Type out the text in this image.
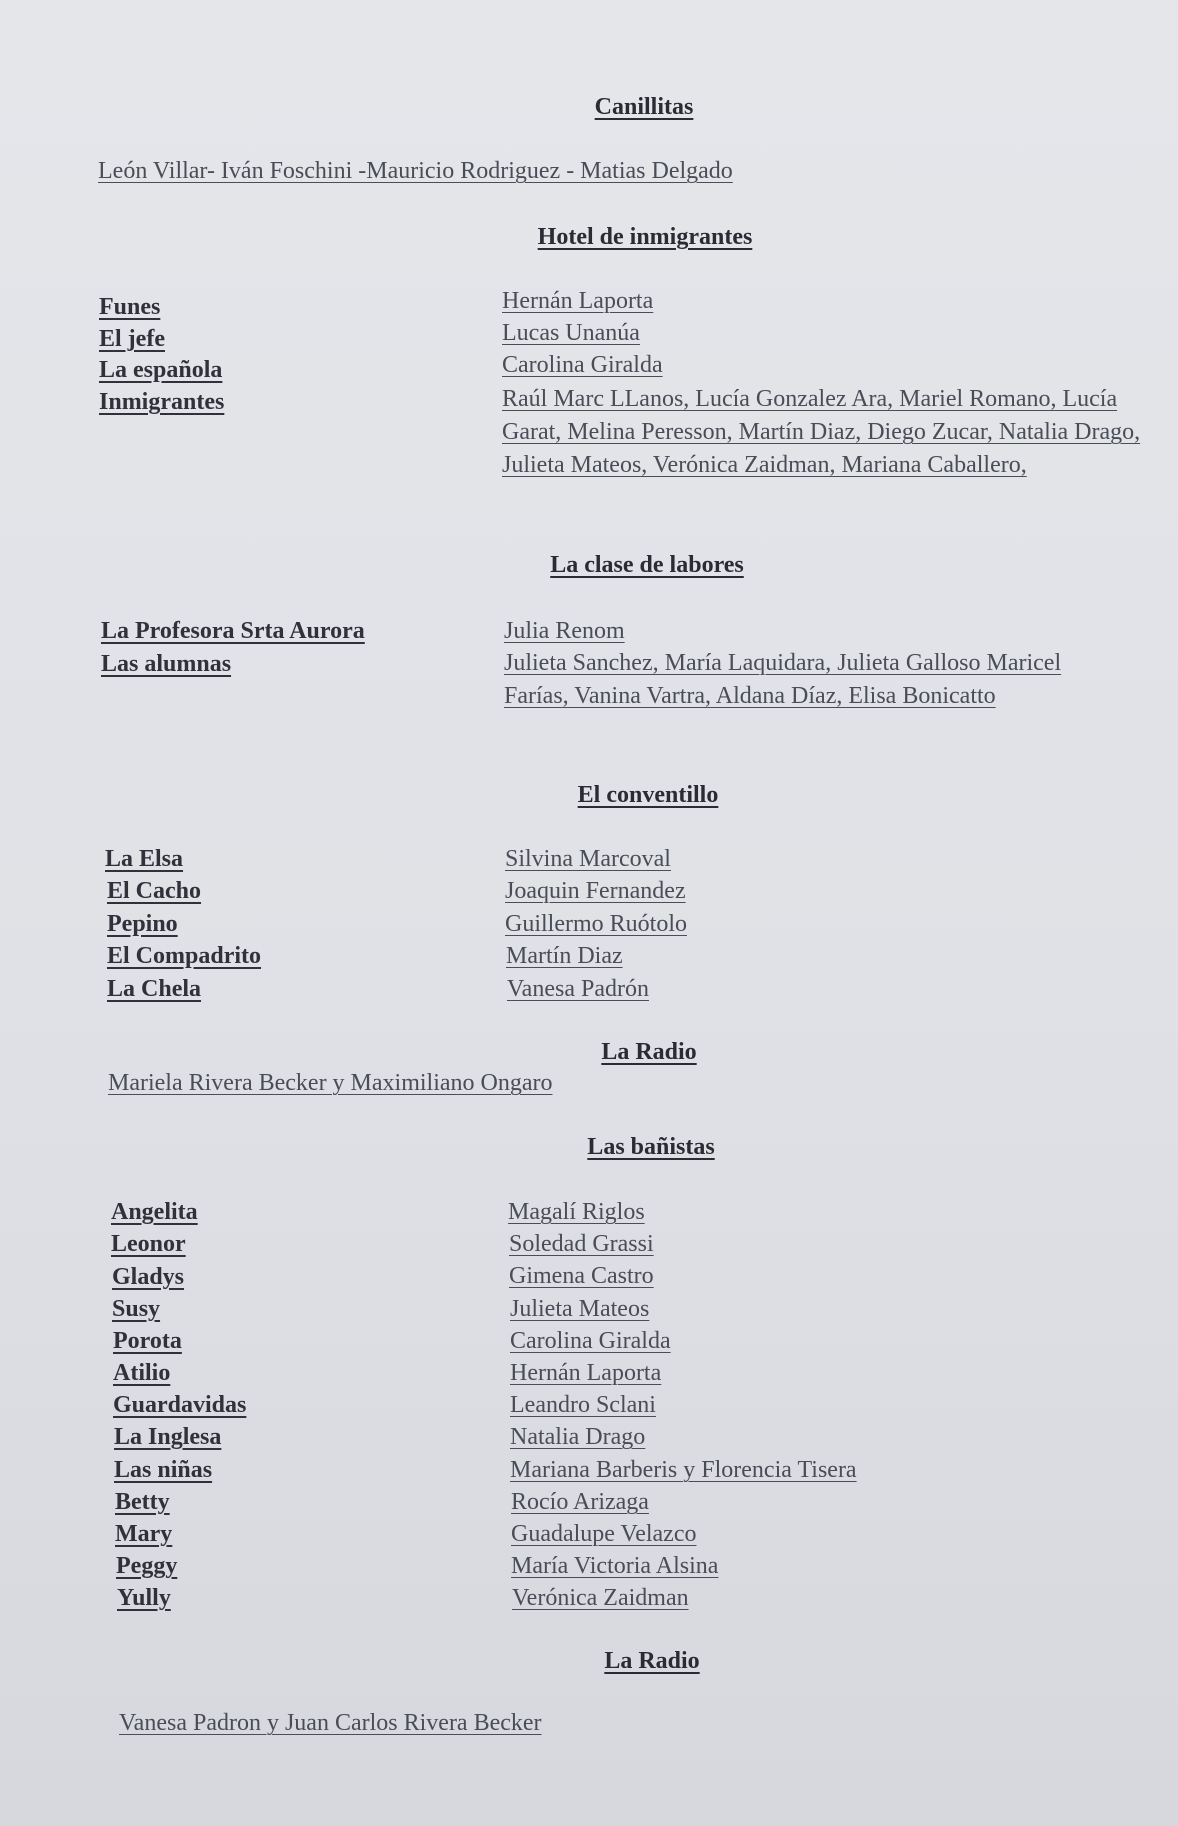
Canillitas
León Villar- Iván Foschini -Mauricio Rodriguez - Matias Delgado
Hotel de inmigrantes
Funes	Hernán Laporta
El jefe	Lucas Unanúa
La española	Carolina Giralda
Inmigrantes	Raúl Marc LLanos, Lucía Gonzalez Ara, Mariel Romano, Lucía Garat, Melina Peresson, Martín Diaz, Diego Zucar, Natalia Drago, Julieta Mateos, Verónica Zaidman, Mariana Caballero,
La clase de labores
La Profesora Srta Aurora	Julia Renom
Las alumnas	Julieta Sanchez, María Laquidara, Julieta Galloso Maricel Farías, Vanina Vartra, Aldana Díaz, Elisa Bonicatto
El conventillo
La Elsa	Silvina Marcoval
El Cacho	Joaquin Fernandez
Pepino	Guillermo Ruótolo
El Compadrito	Martín Diaz
La Chela	Vanesa Padrón
La Radio
Mariela Rivera Becker y Maximiliano Ongaro
Las bañistas
Angelita	Magalí Riglos
Leonor	Soledad Grassi
Gladys	Gimena Castro
Susy	Julieta Mateos
Porota	Carolina Giralda
Atilio	Hernán Laporta
Guardavidas	Leandro Sclani
La Inglesa	Natalia Drago
Las niñas	Mariana Barberis y Florencia Tisera
Betty	Rocío Arizaga
Mary	Guadalupe Velazco
Peggy	María Victoria Alsina
Yully	Verónica Zaidman
La Radio
Vanesa Padron y Juan Carlos Rivera Becker
